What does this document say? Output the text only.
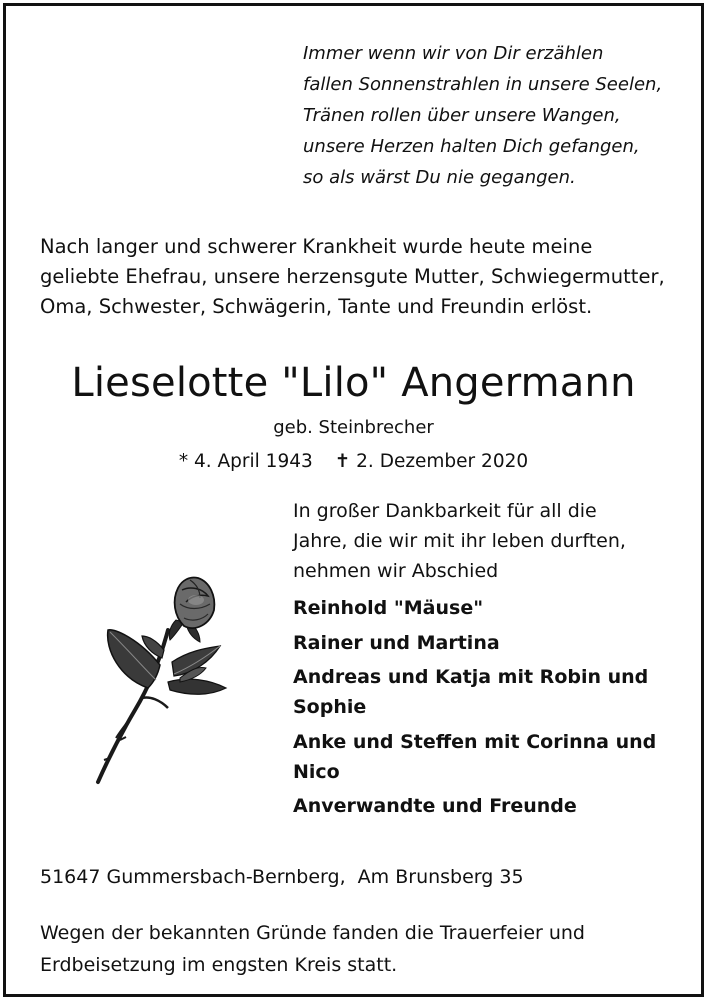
Immer wenn wir von Dir erzählen
fallen Sonnenstrahlen in unsere Seelen,
Tränen rollen über unsere Wangen,
unsere Herzen halten Dich gefangen,
so als wärst Du nie gegangen.
Nach langer und schwerer Krankheit wurde heute meine
geliebte Ehefrau, unsere herzensgute Mutter, Schwiegermutter,
Oma, Schwester, Schwägerin, Tante und Freundin erlöst.
Lieselotte "Lilo" Angermann
geb. Steinbrecher
* 4. April 1943 ✝ 2. Dezember 2020
In großer Dankbarkeit für all die
Jahre, die wir mit ihr leben durften,
nehmen wir Abschied
Reinhold "Mäuse"
Rainer und Martina
Andreas und Katja mit Robin und
Sophie
Anke und Steffen mit Corinna und
Nico
Anverwandte und Freunde
51647 Gummersbach-Bernberg,  Am Brunsberg 35
Wegen der bekannten Gründe fanden die Trauerfeier und
Erdbeisetzung im engsten Kreis statt.
